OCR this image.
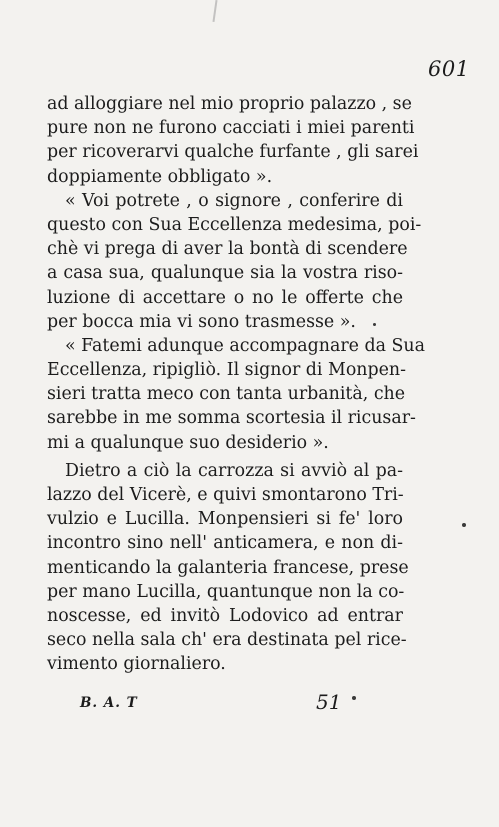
601
ad alloggiare nel mio proprio palazzo , se
pure non ne furono cacciati i miei parenti
per ricoverarvi qualche furfante , gli sarei
doppiamente obbligato ».
« Voi potrete , o signore , conferire di
questo con Sua Eccellenza medesima, poi-
chè vi prega di aver la bontà di scendere
a casa sua, qualunque sia la vostra riso-
luzione di accettare o no le offerte che
per bocca mia vi sono trasmesse ».
« Fatemi adunque accompagnare da Sua
Eccellenza, ripigliò. Il signor di Monpen-
sieri tratta meco con tanta urbanità, che
sarebbe in me somma scortesia il ricusar-
mi a qualunque suo desiderio ».
Dietro a ciò la carrozza si avviò al pa-
lazzo del Vicerè, e quivi smontarono Tri-
vulzio e Lucilla. Monpensieri si fe' loro
incontro sino nell' anticamera, e non di-
menticando la galanteria francese, prese
per mano Lucilla, quantunque non la co-
noscesse, ed invitò Lodovico ad entrar
seco nella sala ch' era destinata pel rice-
vimento giornaliero.
B. A. T	51
